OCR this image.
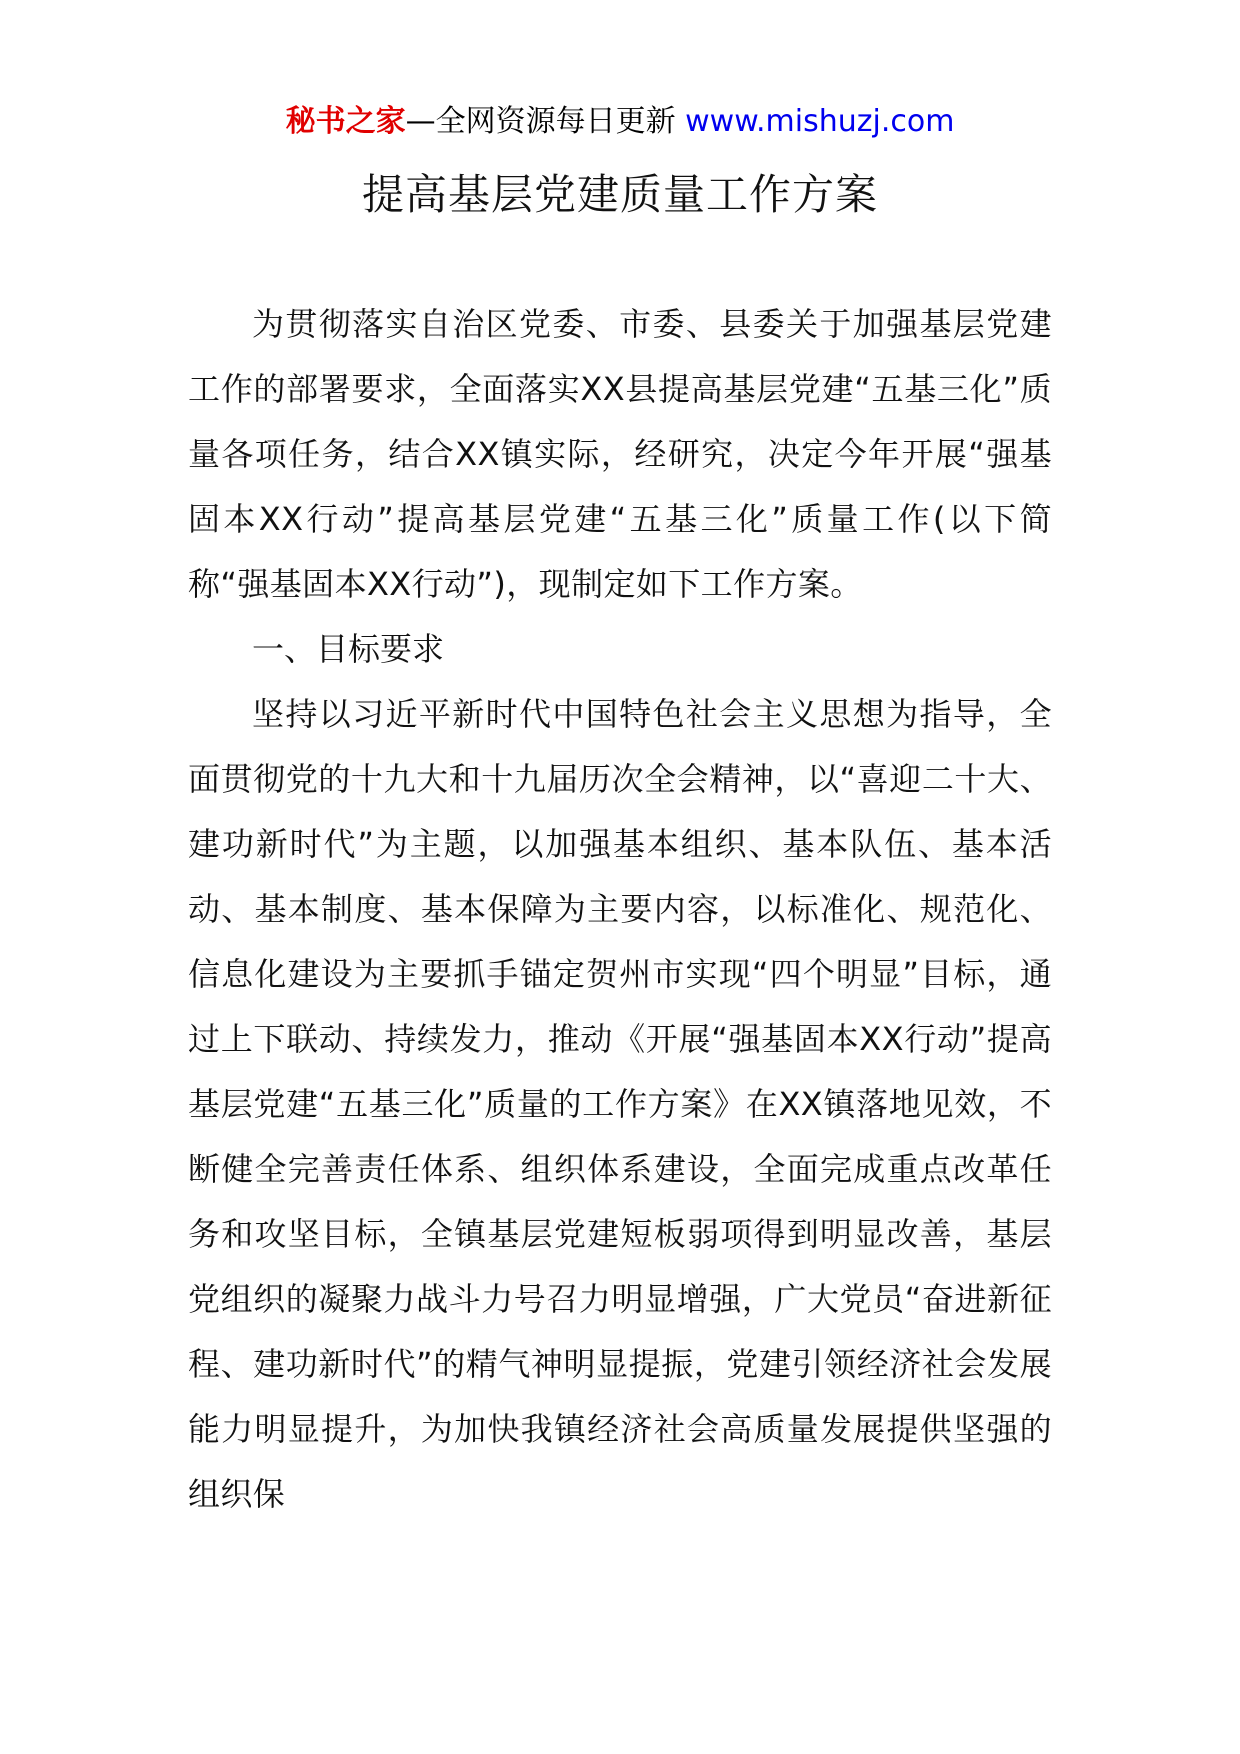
秘书之家—全网资源每日更新 www.mishuzj.com
提高基层党建质量工作方案

为贯彻落实自治区党委、市委、县委关于加强基层党建工作的部署要求，全面落实XX县提高基层党建“五基三化”质量各项任务，结合XX镇实际，经研究，决定今年开展“强基固本XX行动”提高基层党建“五基三化”质量工作(以下简称“强基固本XX行动”)，现制定如下工作方案。

一、目标要求

坚持以习近平新时代中国特色社会主义思想为指导，全面贯彻党的十九大和十九届历次全会精神，以“喜迎二十大、建功新时代”为主题，以加强基本组织、基本队伍、基本活动、基本制度、基本保障为主要内容，以标准化、规范化、信息化建设为主要抓手锚定贺州市实现“四个明显”目标，通过上下联动、持续发力，推动《开展“强基固本XX行动”提高基层党建“五基三化”质量的工作方案》在XX镇落地见效，不断健全完善责任体系、组织体系建设，全面完成重点改革任务和攻坚目标，全镇基层党建短板弱项得到明显改善，基层党组织的凝聚力战斗力号召力明显增强，广大党员“奋进新征程、建功新时代”的精气神明显提振，党建引领经济社会发展能力明显提升，为加快我镇经济社会高质量发展提供坚强的组织保
